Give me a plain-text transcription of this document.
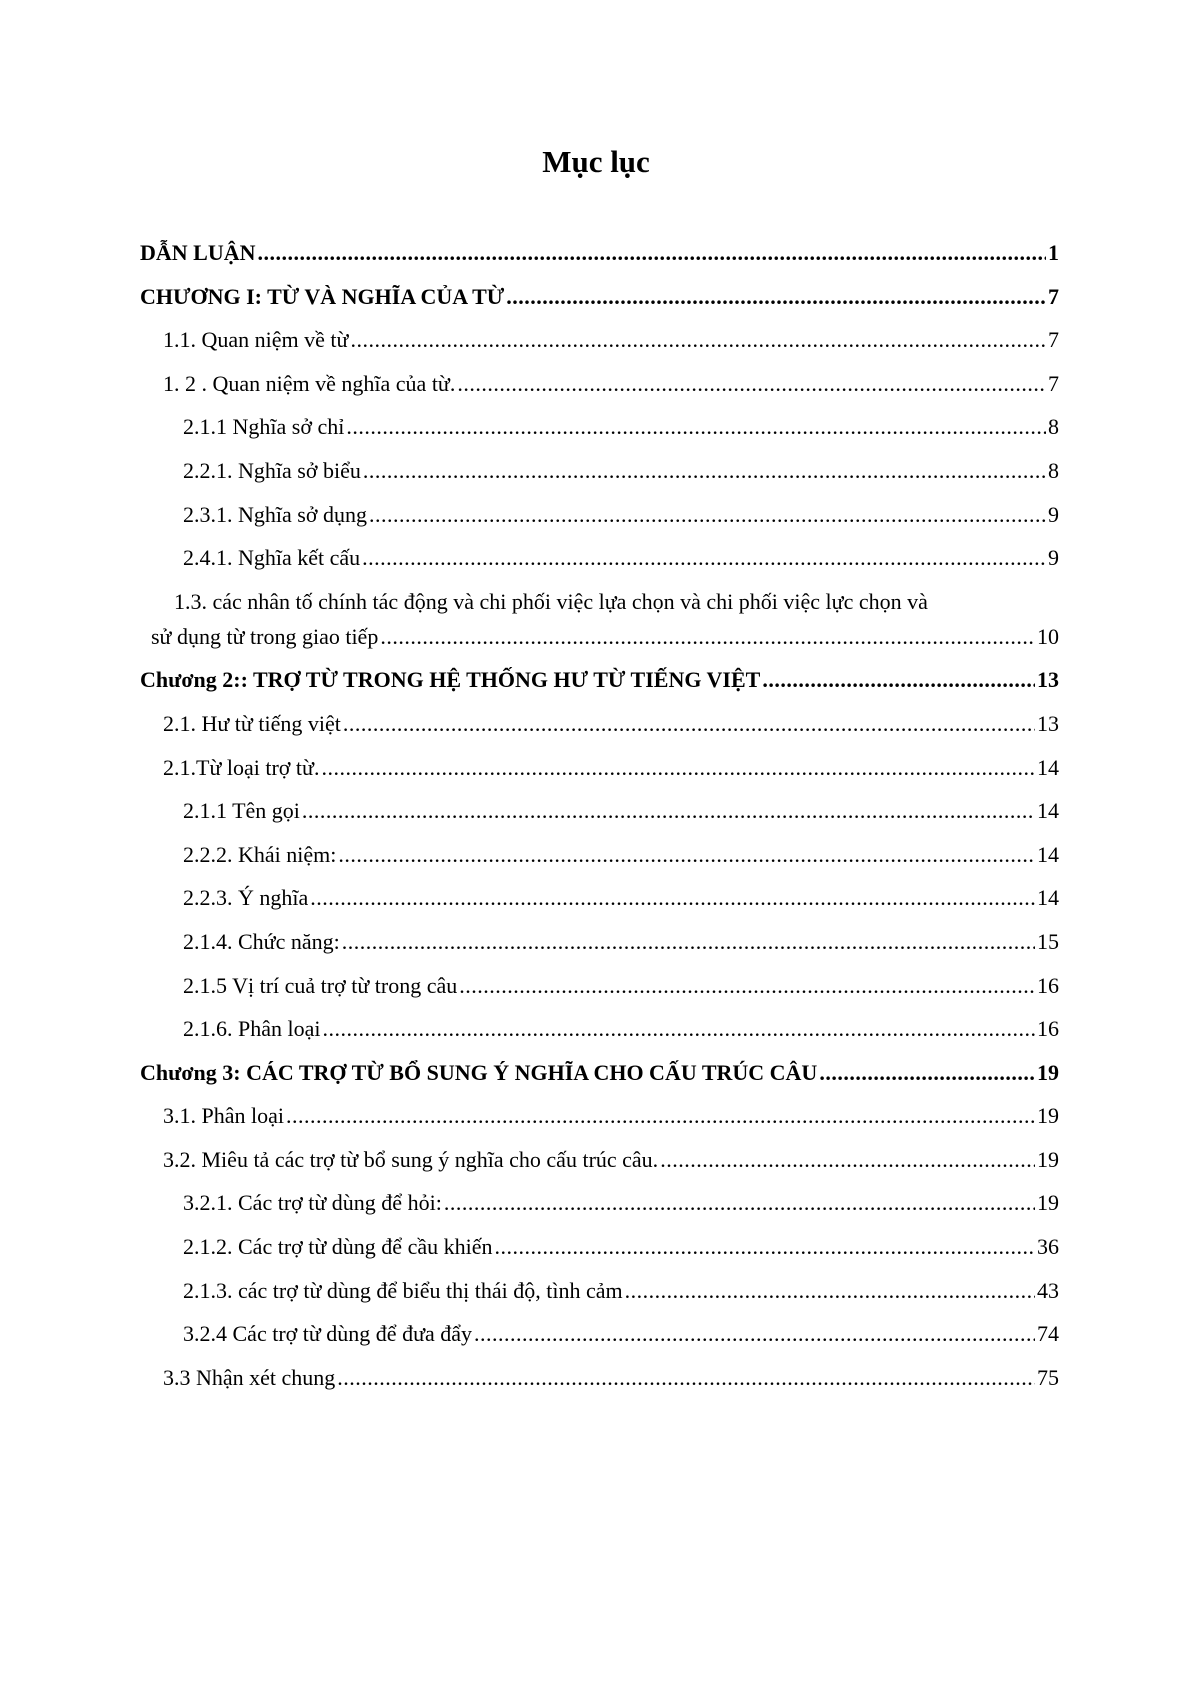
Mục lục
DẪN LUẬN .....	1
CHƯƠNG I: TỪ VÀ NGHĨA CỦA TỪ .....	7
1.1. Quan niệm về từ .....	7
1. 2 . Quan niệm về nghĩa của từ. .....	7
2.1.1 Nghĩa sở chỉ .....	8
2.2.1. Nghĩa sở biểu .....	8
2.3.1. Nghĩa sở dụng .....	9
2.4.1. Nghĩa kết cấu .....	9
1.3. các nhân tố chính tác động và chi phối việc lựa chọn và chi phối việc lực chọn và
sử dụng từ trong giao tiếp .....	10
Chương 2:: TRỢ TỪ TRONG HỆ THỐNG HƯ TỪ TIẾNG VIỆT .....	13
2.1. Hư từ tiếng việt .....	13
2.1.Từ loại trợ từ. .....	14
2.1.1 Tên gọi .....	14
2.2.2. Khái niệm: .....	14
2.2.3. Ý nghĩa .....	14
2.1.4. Chức năng: .....	15
2.1.5 Vị trí cuả trợ từ trong câu .....	16
2.1.6. Phân loại .....	16
Chương 3: CÁC TRỢ TỪ BỔ SUNG Ý NGHĨA CHO CẤU TRÚC CÂU .....	19
3.1. Phân loại .....	19
3.2. Miêu tả các trợ từ bổ sung ý nghĩa cho cấu trúc câu. .....	19
3.2.1. Các trợ từ dùng để hỏi: .....	19
2.1.2. Các trợ từ dùng để cầu khiến .....	36
2.1.3. các trợ từ dùng để biểu thị thái độ, tình cảm .....	43
3.2.4 Các trợ từ dùng để đưa đẩy .....	74
3.3 Nhận xét chung .....	75
